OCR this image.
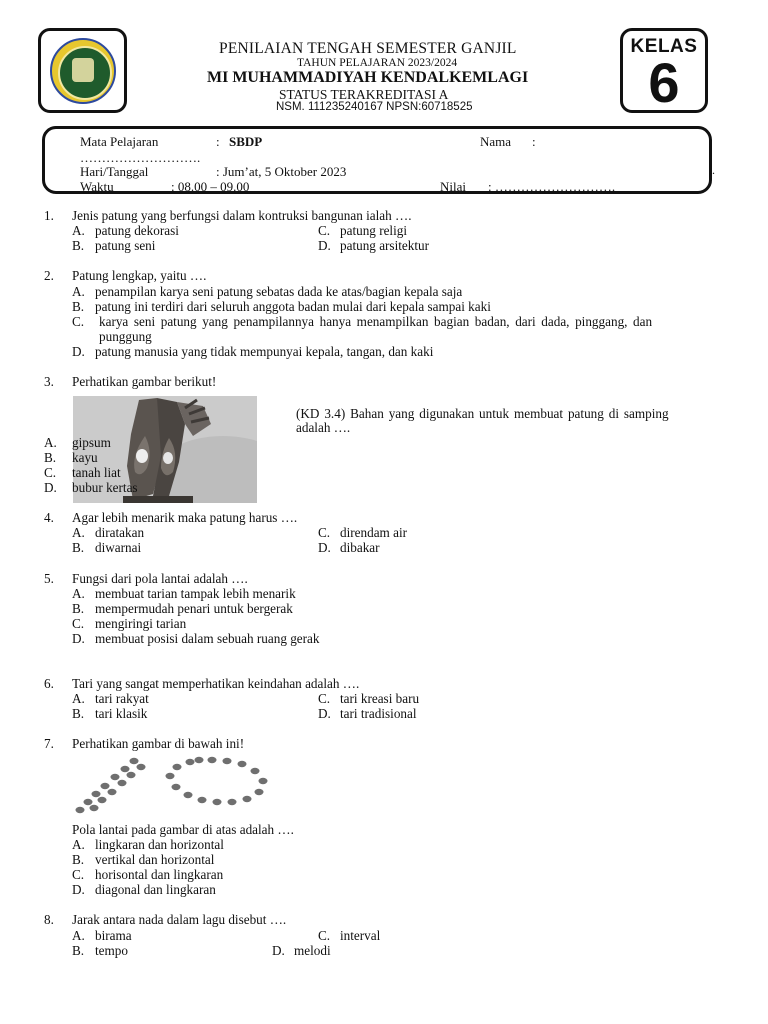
PENILAIAN TENGAH SEMESTER GANJIL
TAHUN PELAJARAN 2023/2024
MI MUHAMMADIYAH KENDALKEMLAGI
STATUS TERAKREDITASI A
NSM. 111235240167 NPSN:60718525
KELAS
6
Mata Pelajaran	: SBDP	Nama :
……………………….
Hari/Tanggal	: Jum’at, 5 Oktober 2023
Waktu	: 08.00 – 09.00	Nilai : ……………………….
.
1. Jenis patung yang berfungsi dalam kontruksi bangunan ialah ….
A. patung dekorasi
B. patung seni
C. patung religi
D. patung arsitektur
2. Patung lengkap, yaitu ….
A. penampilan karya seni patung sebatas dada ke atas/bagian kepala saja
B. patung ini terdiri dari seluruh anggota badan mulai dari kepala sampai kaki
C. karya seni patung yang penampilannya hanya menampilkan bagian badan, dari dada, pinggang, dan
punggung
D. patung manusia yang tidak mempunyai kepala, tangan, dan kaki
3. Perhatikan gambar berikut!
(KD 3.4) Bahan yang digunakan untuk membuat patung di samping
adalah ….
A. gipsum
B. kayu
C. tanah liat
D. bubur kertas
4. Agar lebih menarik maka patung harus ….
A. diratakan
B. diwarnai
C. direndam air
D. dibakar
5. Fungsi dari pola lantai adalah ….
A. membuat tarian tampak lebih menarik
B. mempermudah penari untuk bergerak
C. mengiringi tarian
D. membuat posisi dalam sebuah ruang gerak
6. Tari yang sangat memperhatikan keindahan adalah ….
A. tari rakyat
B. tari klasik
C. tari kreasi baru
D. tari tradisional
7. Perhatikan gambar di bawah ini!
Pola lantai pada gambar di atas adalah ….
A. lingkaran dan horizontal
B. vertikal dan horizontal
C. horisontal dan lingkaran
D. diagonal dan lingkaran
8. Jarak antara nada dalam lagu disebut ….
A. birama
B. tempo
C. interval
D. melodi
